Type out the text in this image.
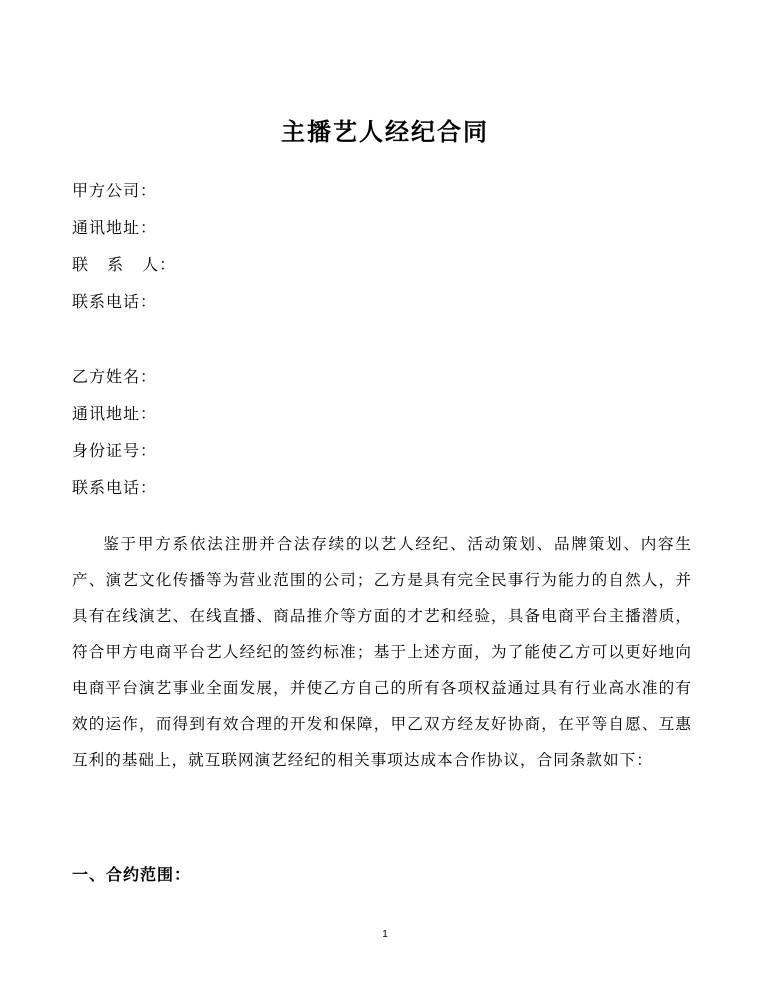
主播艺人经纪合同
甲方公司：
通讯地址：
联 系 人：
联系电话：
乙方姓名：
通讯地址：
身份证号：
联系电话：

鉴于甲方系依法注册并合法存续的以艺人经纪、活动策划、品牌策划、内容生产、演艺文化传播等为营业范围的公司；乙方是具有完全民事行为能力的自然人，并具有在线演艺、在线直播、商品推介等方面的才艺和经验，具备电商平台主播潜质，符合甲方电商平台艺人经纪的签约标准；基于上述方面，为了能使乙方可以更好地向电商平台演艺事业全面发展，并使乙方自己的所有各项权益通过具有行业高水准的有效的运作，而得到有效合理的开发和保障，甲乙双方经友好协商，在平等自愿、互惠互利的基础上，就互联网演艺经纪的相关事项达成本合作协议，合同条款如下：

一、合约范围：
1
